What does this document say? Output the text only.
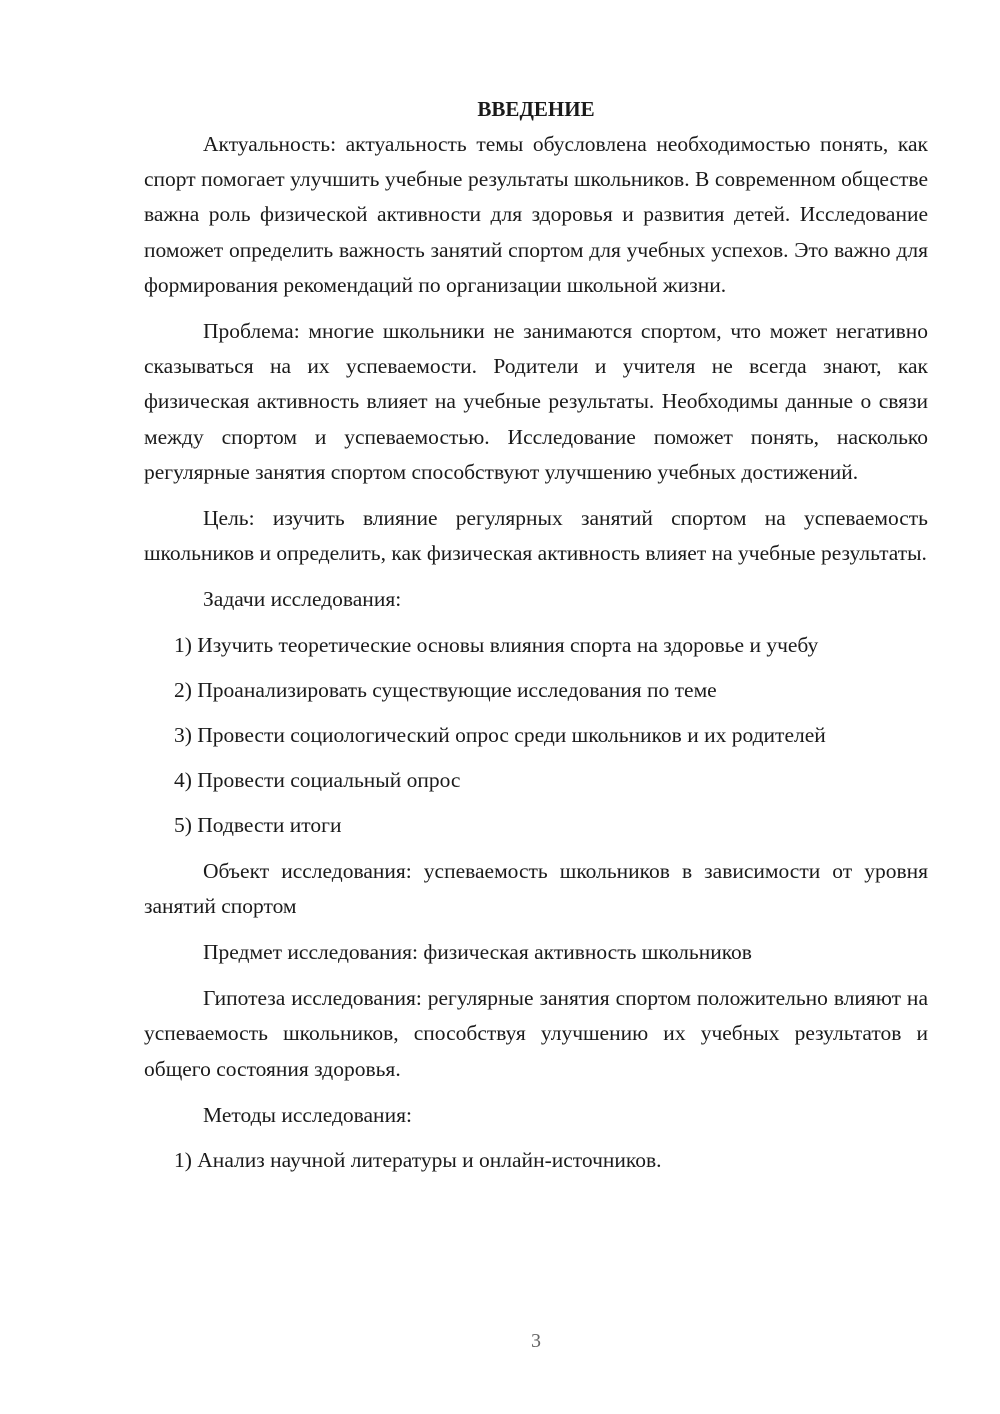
ВВЕДЕНИЕ

Актуальность: актуальность темы обусловлена необходимостью понять, как спорт помогает улучшить учебные результаты школьников. В современном обществе важна роль физической активности для здоровья и развития детей. Исследование поможет определить важность занятий спортом для учебных успехов. Это важно для формирования рекомендаций по организации школьной жизни.

Проблема: многие школьники не занимаются спортом, что может негативно сказываться на их успеваемости. Родители и учителя не всегда знают, как физическая активность влияет на учебные результаты. Необходимы данные о связи между спортом и успеваемостью. Исследование поможет понять, насколько регулярные занятия спортом способствуют улучшению учебных достижений.

Цель: изучить влияние регулярных занятий спортом на успеваемость школьников и определить, как физическая активность влияет на учебные результаты.

Задачи исследования:
1) Изучить теоретические основы влияния спорта на здоровье и учебу
2) Проанализировать существующие исследования по теме
3) Провести социологический опрос среди школьников и их родителей
4) Провести социальный опрос
5) Подвести итоги

Объект исследования: успеваемость школьников в зависимости от уровня занятий спортом

Предмет исследования: физическая активность школьников

Гипотеза исследования: регулярные занятия спортом положительно влияют на успеваемость школьников, способствуя улучшению их учебных результатов и общего состояния здоровья.

Методы исследования:
1) Анализ научной литературы и онлайн-источников.
3
